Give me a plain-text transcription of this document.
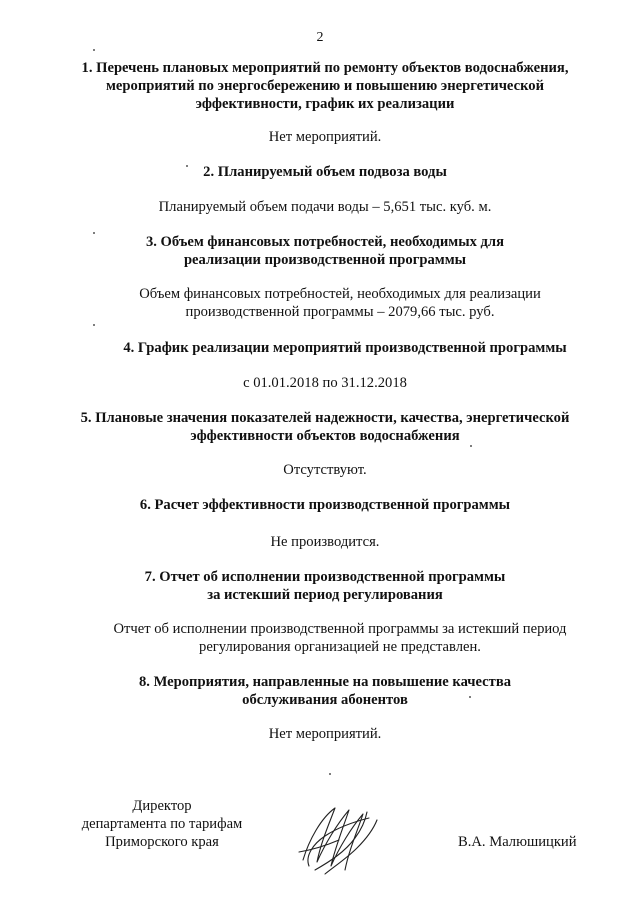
2
1. Перечень плановых мероприятий по ремонту объектов водоснабжения,
мероприятий по энергосбережению и повышению энергетической
эффективности, график их реализации
Нет мероприятий.
2. Планируемый объем подвоза воды
Планируемый объем подачи воды – 5,651 тыс. куб. м.
3. Объем финансовых потребностей, необходимых для
реализации производственной программы
Объем финансовых потребностей, необходимых для реализации
производственной программы – 2079,66 тыс. руб.
4. График реализации мероприятий производственной программы
с 01.01.2018 по 31.12.2018
5. Плановые значения показателей надежности, качества, энергетической
эффективности объектов водоснабжения
Отсутствуют.
6. Расчет эффективности производственной программы
Не производится.
7. Отчет об исполнении производственной программы
за истекший период регулирования
Отчет об исполнении производственной программы за истекший период
регулирования организацией не представлен.
8. Мероприятия, направленные на повышение качества
обслуживания абонентов
Нет мероприятий.
Директор
департамента по тарифам
Приморского края	В.А. Малюшицкий
